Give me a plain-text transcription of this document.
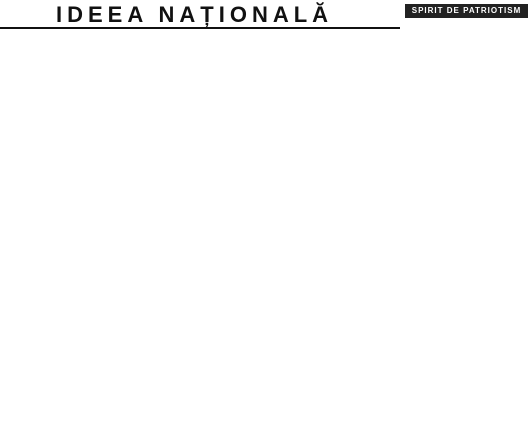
IDEEA NAȚIONALĂ	SPIRIT DE PATRIOTISM
